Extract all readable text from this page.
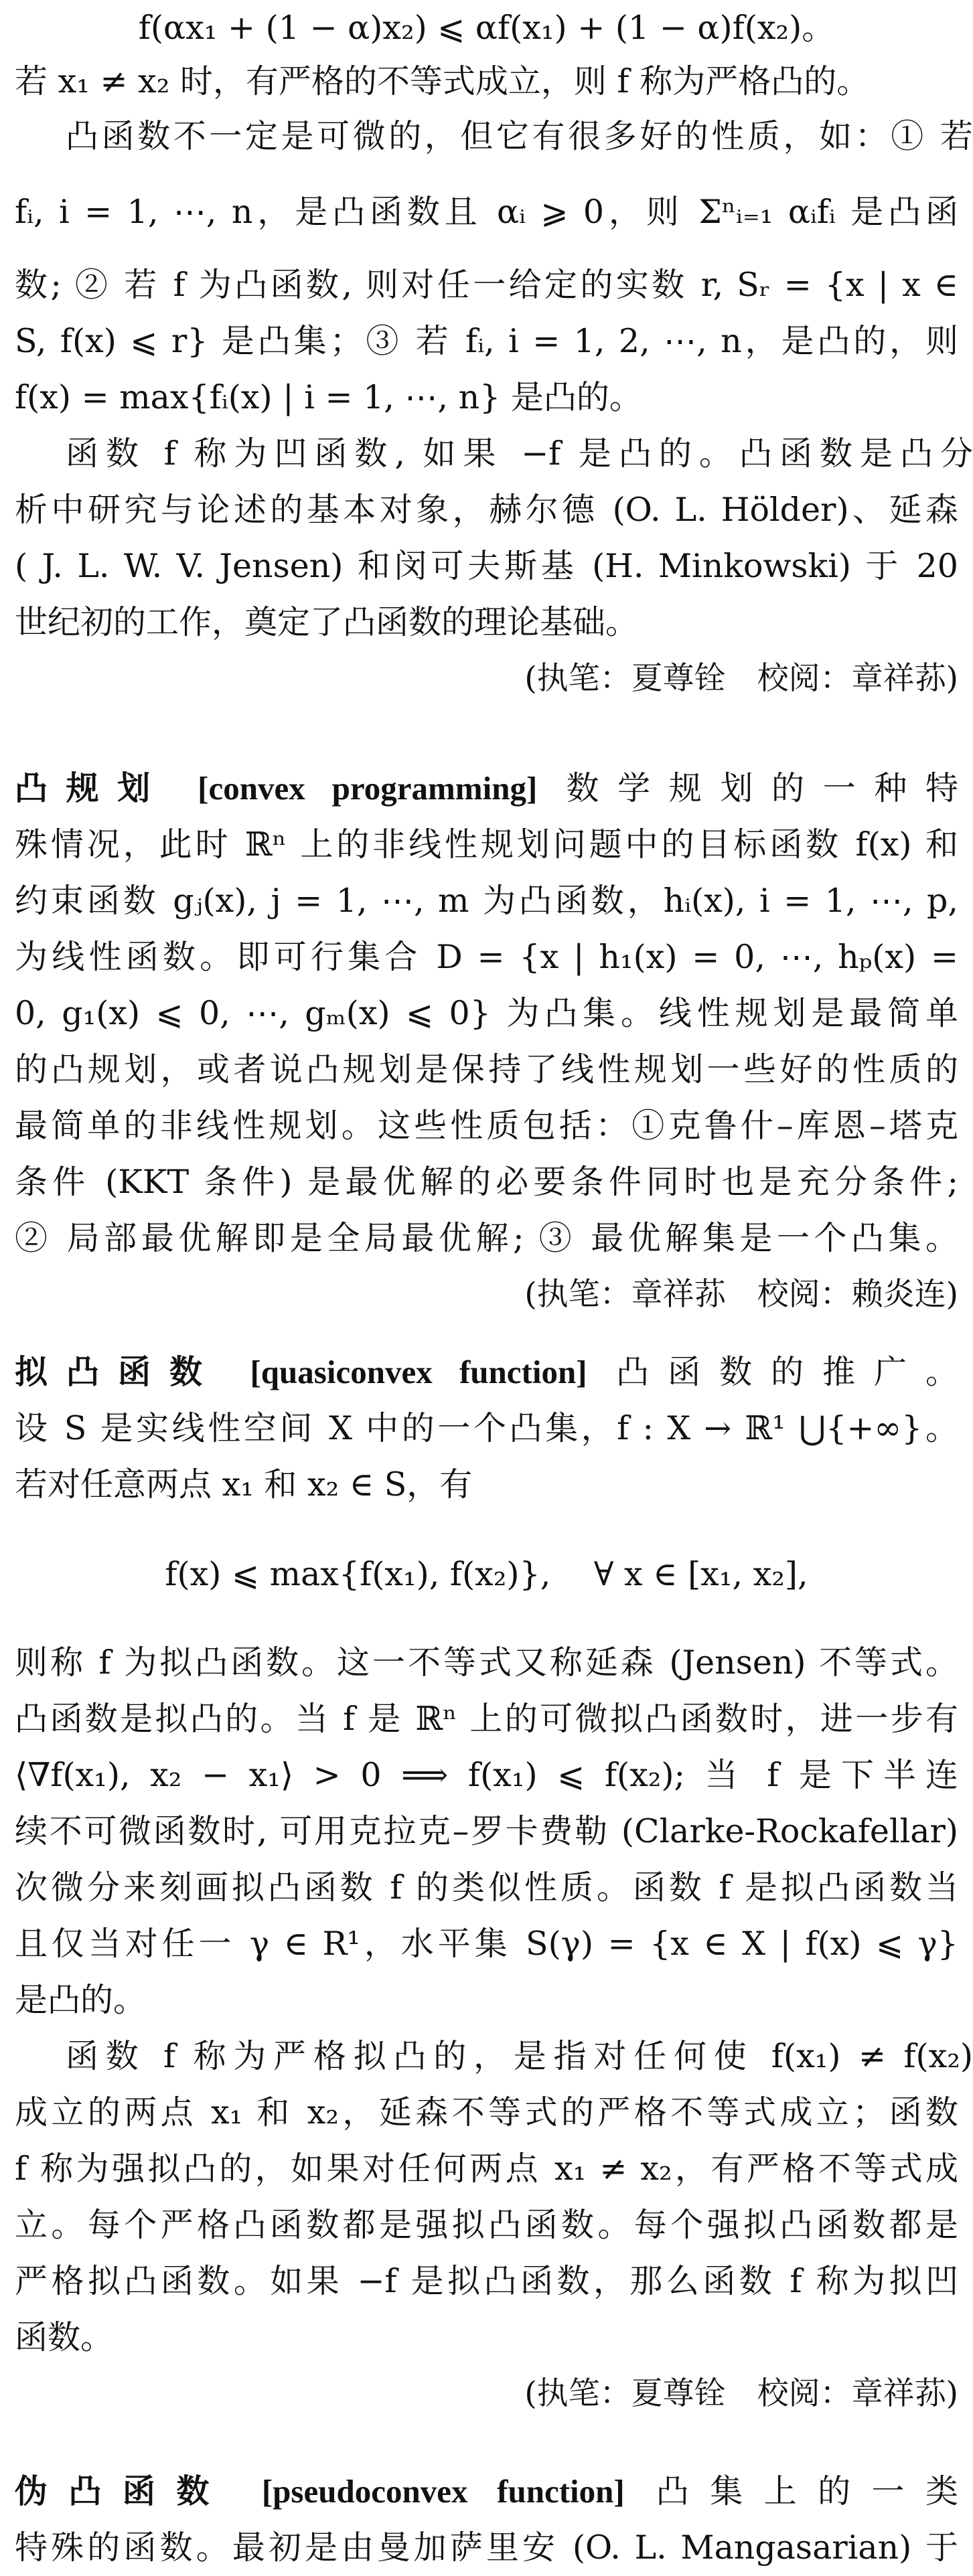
f(αx₁ + (1 − α)x₂) ⩽ αf(x₁) + (1 − α)f(x₂)。
若 x₁ ≠ x₂ 时，有严格的不等式成立，则 f 称为严格凸的。
凸函数不一定是可微的，但它有很多好的性质，如：① 若
fᵢ, i = 1, ⋯, n，是凸函数且 αᵢ ⩾ 0，则 Σⁿᵢ₌₁ αᵢfᵢ 是凸函
数; ② 若 f 为凸函数, 则对任一给定的实数 r, Sᵣ = {x | x ∈
S, f(x) ⩽ r} 是凸集；③ 若 fᵢ, i = 1, 2, ⋯, n，是凸的，则
f(x) = max{fᵢ(x) | i = 1, ⋯, n} 是凸的。
函数 f 称为凹函数, 如果 −f 是凸的。凸函数是凸分
析中研究与论述的基本对象，赫尔德 (O. L. Hölder)、延森
( J. L. W. V. Jensen) 和闵可夫斯基 (H. Minkowski) 于 20
世纪初的工作，奠定了凸函数的理论基础。
(执笔：夏尊铨　校阅：章祥荪)
凸规划 [convex programming] 数学规划的一种特
殊情况，此时 ℝⁿ 上的非线性规划问题中的目标函数 f(x) 和
约束函数 gⱼ(x), j = 1, ⋯, m 为凸函数，hᵢ(x), i = 1, ⋯, p,
为线性函数。即可行集合 D = {x | h₁(x) = 0, ⋯, hₚ(x) =
0, g₁(x) ⩽ 0, ⋯, gₘ(x) ⩽ 0} 为凸集。线性规划是最简单
的凸规划，或者说凸规划是保持了线性规划一些好的性质的
最简单的非线性规划。这些性质包括：①克鲁什–库恩–塔克
条件 (KKT 条件) 是最优解的必要条件同时也是充分条件;
② 局部最优解即是全局最优解; ③ 最优解集是一个凸集。
(执笔：章祥荪　校阅：赖炎连)
拟凸函数 [quasiconvex function] 凸函数的推广。
设 S 是实线性空间 X 中的一个凸集，f : X → ℝ¹ ⋃{+∞}。
若对任意两点 x₁ 和 x₂ ∈ S，有
f(x) ⩽ max{f(x₁), f(x₂)},　 ∀ x ∈ [x₁, x₂],
则称 f 为拟凸函数。这一不等式又称延森 (Jensen) 不等式。
凸函数是拟凸的。当 f 是 ℝⁿ 上的可微拟凸函数时，进一步有
⟨∇f(x₁), x₂ − x₁⟩ > 0 ⟹ f(x₁) ⩽ f(x₂); 当 f 是下半连
续不可微函数时, 可用克拉克–罗卡费勒 (Clarke-Rockafellar)
次微分来刻画拟凸函数 f 的类似性质。函数 f 是拟凸函数当
且仅当对任一 γ ∈ R¹，水平集 S(γ) = {x ∈ X | f(x) ⩽ γ}
是凸的。
函数 f 称为严格拟凸的，是指对任何使 f(x₁) ≠ f(x₂)
成立的两点 x₁ 和 x₂，延森不等式的严格不等式成立；函数
f 称为强拟凸的，如果对任何两点 x₁ ≠ x₂，有严格不等式成
立。每个严格凸函数都是强拟凸函数。每个强拟凸函数都是
严格拟凸函数。如果 −f 是拟凸函数，那么函数 f 称为拟凹
函数。
(执笔：夏尊铨　校阅：章祥荪)
伪凸函数 [pseudoconvex function] 凸集上的一类
特殊的函数。最初是由曼加萨里安 (O. L. Mangasarian) 于
